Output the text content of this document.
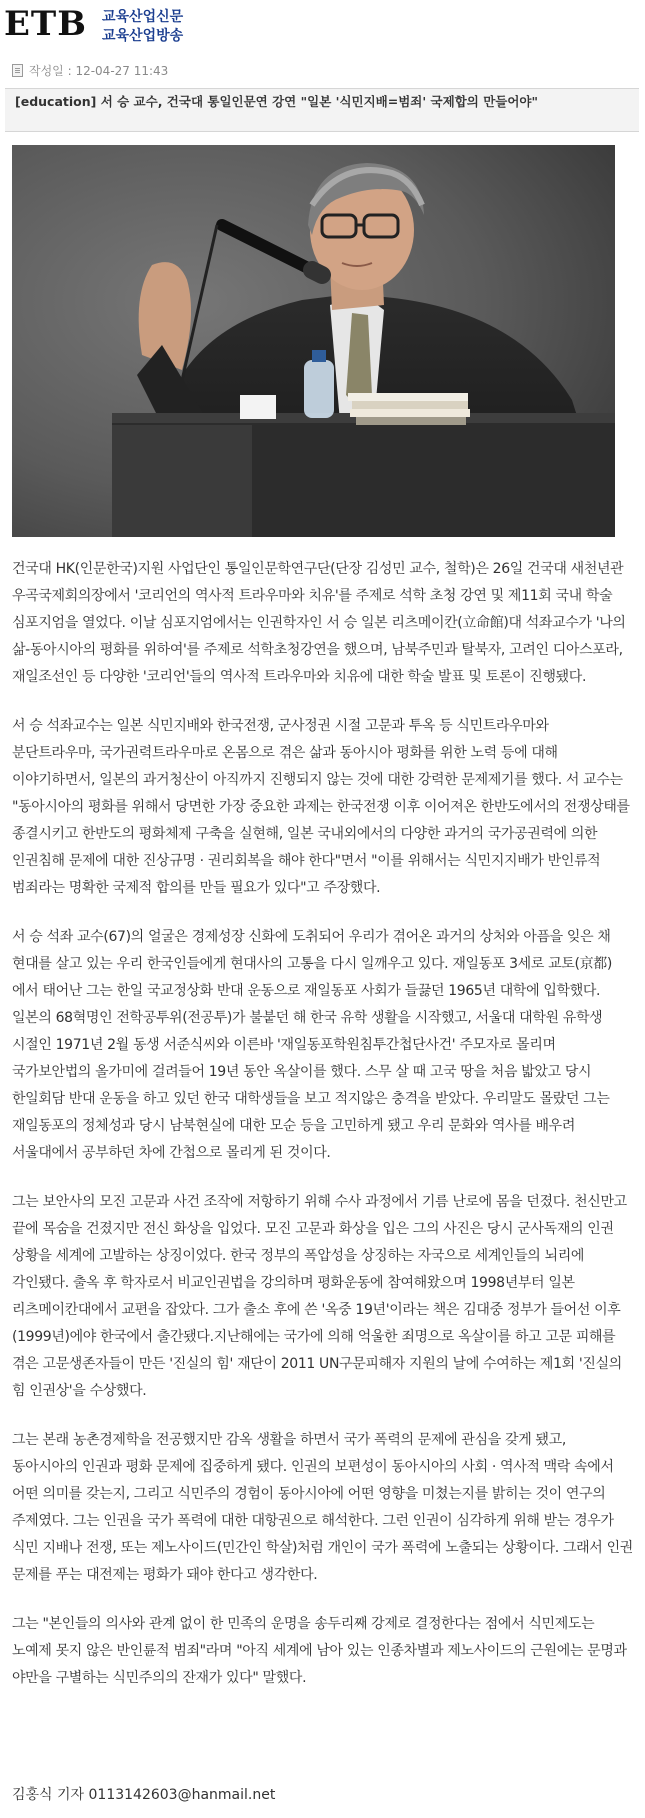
ETB 교육산업신문
교육산업방송
작성일 : 12-04-27 11:43
[education] 서 승 교수, 건국대 통일인문연 강연 "일본 '식민지배=범죄' 국제합의 만들어야"

건국대 HK(인문한국)지원 사업단인 통일인문학연구단(단장 김성민 교수, 철학)은 26일 건국대 새천년관 우곡국제회의장에서 '코리언의 역사적 트라우마와 치유'를 주제로 석학 초청 강연 및 제11회 국내 학술 심포지엄을 열었다. 이날 심포지엄에서는 인권학자인 서 승 일본 리츠메이칸(立命館)대 석좌교수가 '나의 삶-동아시아의 평화를 위하여'를 주제로 석학초청강연을 했으며, 남북주민과 탈북자, 고려인 디아스포라, 재일조선인 등 다양한 '코리언'들의 역사적 트라우마와 치유에 대한 학술 발표 및 토론이 진행됐다.

서 승 석좌교수는 일본 식민지배와 한국전쟁, 군사정권 시절 고문과 투옥 등 식민트라우마와 분단트라우마, 국가권력트라우마로 온몸으로 겪은 삶과 동아시아 평화를 위한 노력 등에 대해 이야기하면서, 일본의 과거청산이 아직까지 진행되지 않는 것에 대한 강력한 문제제기를 했다. 서 교수는 "동아시아의 평화를 위해서 당면한 가장 중요한 과제는 한국전쟁 이후 이어져온 한반도에서의 전쟁상태를 종결시키고 한반도의 평화체제 구축을 실현해, 일본 국내외에서의 다양한 과거의 국가공권력에 의한 인권침해 문제에 대한 진상규명 · 권리회복을 해야 한다"면서 "이를 위해서는 식민지지배가 반인류적 범죄라는 명확한 국제적 합의를 만들 필요가 있다"고 주장했다.

서 승 석좌 교수(67)의 얼굴은 경제성장 신화에 도취되어 우리가 겪어온 과거의 상처와 아픔을 잊은 채 현대를 살고 있는 우리 한국인들에게 현대사의 고통을 다시 일깨우고 있다. 재일동포 3세로 교토(京都)에서 태어난 그는 한일 국교정상화 반대 운동으로 재일동포 사회가 들끓던 1965년 대학에 입학했다. 일본의 68혁명인 전학공투위(전공투)가 불붙던 해 한국 유학 생활을 시작했고, 서울대 대학원 유학생 시절인 1971년 2월 동생 서준식씨와 이른바 '재일동포학원침투간첩단사건' 주모자로 몰리며 국가보안법의 올가미에 걸려들어 19년 동안 옥살이를 했다. 스무 살 때 고국 땅을 처음 밟았고 당시 한일회담 반대 운동을 하고 있던 한국 대학생들을 보고 적지않은 충격을 받았다. 우리말도 몰랐던 그는 재일동포의 정체성과 당시 남북현실에 대한 모순 등을 고민하게 됐고 우리 문화와 역사를 배우려 서울대에서 공부하던 차에 간첩으로 몰리게 된 것이다.

그는 보안사의 모진 고문과 사건 조작에 저항하기 위해 수사 과정에서 기름 난로에 몸을 던졌다. 천신만고 끝에 목숨을 건졌지만 전신 화상을 입었다. 모진 고문과 화상을 입은 그의 사진은 당시 군사독재의 인권 상황을 세계에 고발하는 상징이었다. 한국 정부의 폭압성을 상징하는 자국으로 세계인들의 뇌리에 각인됐다. 출옥 후 학자로서 비교인권법을 강의하며 평화운동에 참여해왔으며 1998년부터 일본 리츠메이칸대에서 교편을 잡았다. 그가 출소 후에 쓴 '옥중 19년'이라는 책은 김대중 정부가 들어선 이후(1999년)에야 한국에서 출간됐다.지난해에는 국가에 의해 억울한 죄명으로 옥살이를 하고 고문 피해를 겪은 고문생존자들이 만든 '진실의 힘' 재단이 2011 UN구문피해자 지원의 날에 수여하는 제1회 '진실의 힘 인권상'을 수상했다.

그는 본래 농촌경제학을 전공했지만 감옥 생활을 하면서 국가 폭력의 문제에 관심을 갖게 됐고, 동아시아의 인권과 평화 문제에 집중하게 됐다. 인권의 보편성이 동아시아의 사회 · 역사적 맥락 속에서 어떤 의미를 갖는지, 그리고 식민주의 경험이 동아시아에 어떤 영향을 미쳤는지를 밝히는 것이 연구의 주제였다. 그는 인권을 국가 폭력에 대한 대항권으로 해석한다. 그런 인권이 심각하게 위해 받는 경우가 식민 지배나 전쟁, 또는 제노사이드(민간인 학살)처럼 개인이 국가 폭력에 노출되는 상황이다. 그래서 인권 문제를 푸는 대전제는 평화가 돼야 한다고 생각한다.

그는 "본인들의 의사와 관계 없이 한 민족의 운명을 송두리째 강제로 결정한다는 점에서 식민제도는 노예제 못지 않은 반인륜적 범죄"라며 "아직 세계에 남아 있는 인종차별과 제노사이드의 근원에는 문명과 야만을 구별하는 식민주의의 잔재가 있다" 말했다.

김홍식 기자 0113142603@hanmail.net
